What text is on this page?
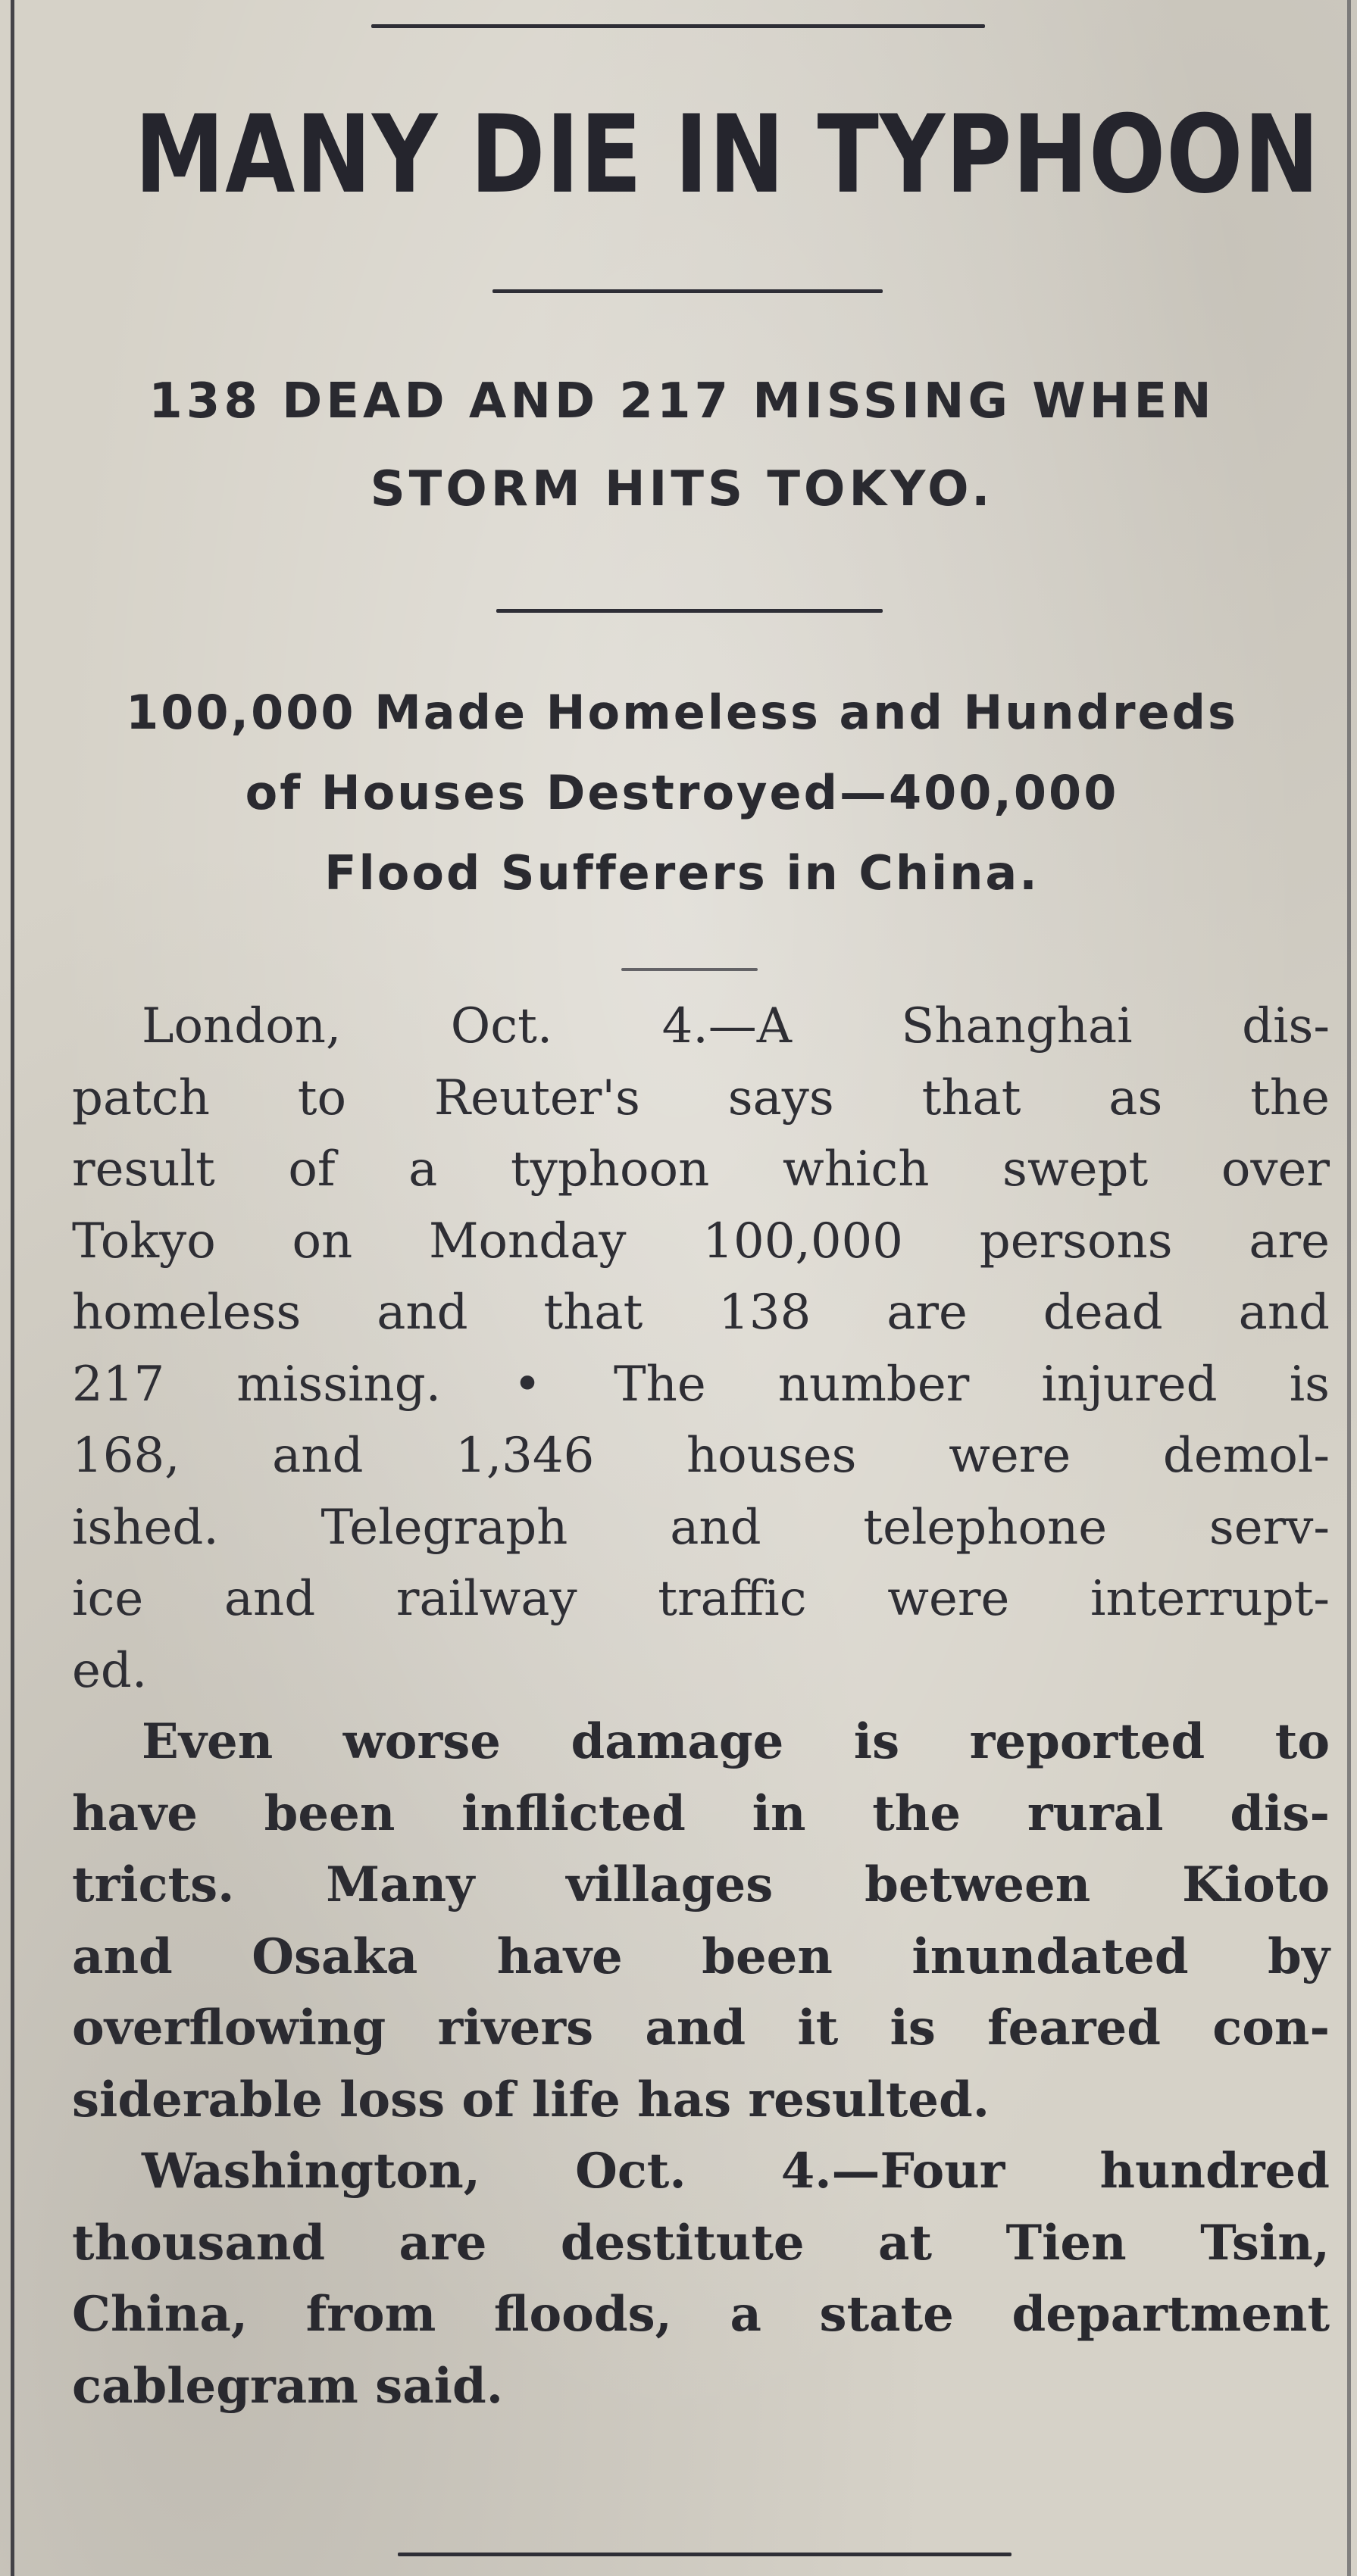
MANY DIE IN TYPHOON
138 DEAD AND 217 MISSING WHEN
STORM HITS TOKYO.
100,000 Made Homeless and Hundreds
of Houses Destroyed—400,000
Flood Sufferers in China.
London, Oct. 4.—A Shanghai dis-
patch to Reuter's says that as the
result of a typhoon which swept over
Tokyo on Monday 100,000 persons are
homeless and that 138 are dead and
217 missing. • The number injured is
168, and 1,346 houses were demol-
ished. Telegraph and telephone serv-
ice and railway traffic were interrupt-
ed.
Even worse damage is reported to
have been inflicted in the rural dis-
tricts. Many villages between Kioto
and Osaka have been inundated by
overflowing rivers and it is feared con-
siderable loss of life has resulted.
Washington, Oct. 4.—Four hundred
thousand are destitute at Tien Tsin,
China, from floods, a state department
cablegram said.
